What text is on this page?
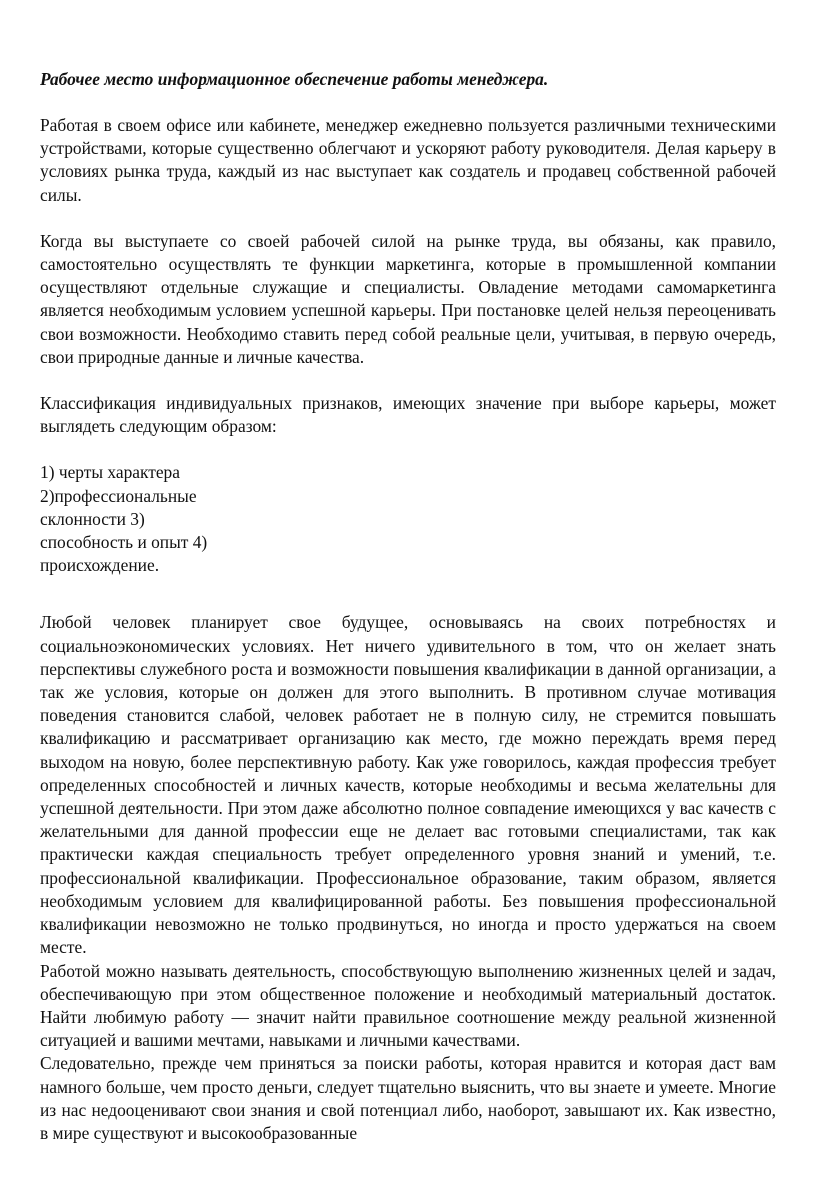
Рабочее место информационное обеспечение работы менеджера.

Работая в своем офисе или кабинете, менеджер ежедневно пользуется различными техническими устройствами, которые существенно облегчают и ускоряют работу руководителя. Делая карьеру в условиях рынка труда, каждый из нас выступает как создатель и продавец собственной рабочей силы.

Когда вы выступаете со своей рабочей силой на рынке труда, вы обязаны, как правило, самостоятельно осуществлять те функции маркетинга, которые в промышленной компании осуществляют отдельные служащие и специалисты. Овладение методами самомаркетинга является необходимым условием успешной карьеры. При постановке целей нельзя переоценивать свои возможности. Необходимо ставить перед собой реальные цели, учитывая, в первую очередь, свои природные данные и личные качества.

Классификация индивидуальных признаков, имеющих значение при выборе карьеры, может выглядеть следующим образом:

1) черты характера
2)профессиональные
склонности 3)
способность и опыт 4)
происхождение.

Любой человек планирует свое будущее, основываясь на своих потребностях и социальноэкономических условиях. Нет ничего удивительного в том, что он желает знать перспективы служебного роста и возможности повышения квалификации в данной организации, а так же условия, которые он должен для этого выполнить. В противном случае мотивация поведения становится слабой, человек работает не в полную силу, не стремится повышать квалификацию и рассматривает организацию как место, где можно переждать время перед выходом на новую, более перспективную работу. Как уже говорилось, каждая профессия требует определенных способностей и личных качеств, которые необходимы и весьма желательны для успешной деятельности. При этом даже абсолютно полное совпадение имеющихся у вас качеств с желательными для данной профессии еще не делает вас готовыми специалистами, так как практически каждая специальность требует определенного уровня знаний и умений, т.е. профессиональной квалификации. Профессиональное образование, таким образом, является необходимым условием для квалифицированной работы. Без повышения профессиональной квалификации невозможно не только продвинуться, но иногда и просто удержаться на своем месте.

Работой можно называть деятельность, способствующую выполнению жизненных целей и задач, обеспечивающую при этом общественное положение и необходимый материальный достаток. Найти любимую работу — значит найти правильное соотношение между реальной жизненной ситуацией и вашими мечтами, навыками и личными качествами.

Следовательно, прежде чем приняться за поиски работы, которая нравится и которая даст вам намного больше, чем просто деньги, следует тщательно выяснить, что вы знаете и умеете. Многие из нас недооценивают свои знания и свой потенциал либо, наоборот, завышают их. Как известно, в мире существуют и высокообразованные
